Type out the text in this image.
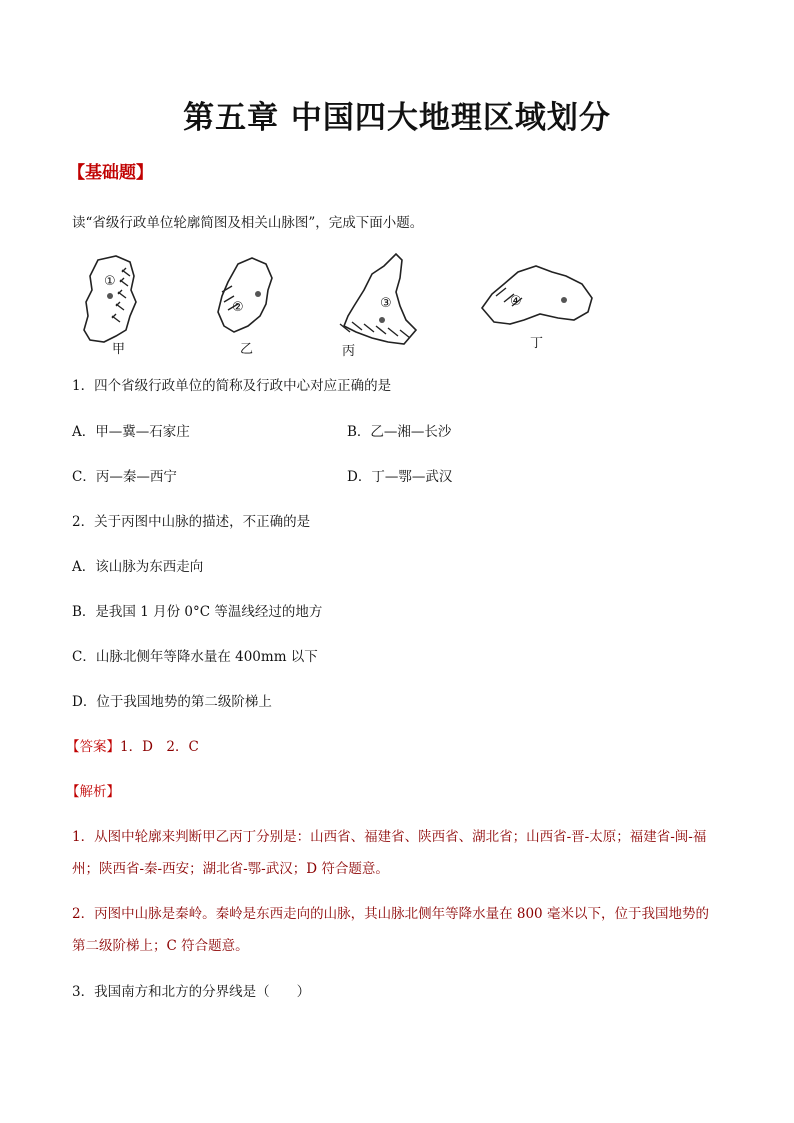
第五章 中国四大地理区域划分
【基础题】
读“省级行政单位轮廓简图及相关山脉图”，完成下面小题。
①
甲
②
乙
③
丙
④
丁
1．四个省级行政单位的简称及行政中心对应正确的是
A．甲—冀—石家庄	B．乙—湘—长沙
C．丙—秦—西宁	D．丁—鄂—武汉
2．关于丙图中山脉的描述，不正确的是
A．该山脉为东西走向
B．是我国 1 月份 0°C 等温线经过的地方
C．山脉北侧年等降水量在 400mm 以下
D．位于我国地势的第二级阶梯上
【答案】1．D　2．C
【解析】
1．从图中轮廓来判断甲乙丙丁分别是：山西省、福建省、陕西省、湖北省；山西省-晋-太原；福建省-闽-福州；陕西省-秦-西安；湖北省-鄂-武汉；D 符合题意。
2．丙图中山脉是秦岭。秦岭是东西走向的山脉，其山脉北侧年等降水量在 800 毫米以下，位于我国地势的第二级阶梯上；C 符合题意。
3．我国南方和北方的分界线是（　　）
